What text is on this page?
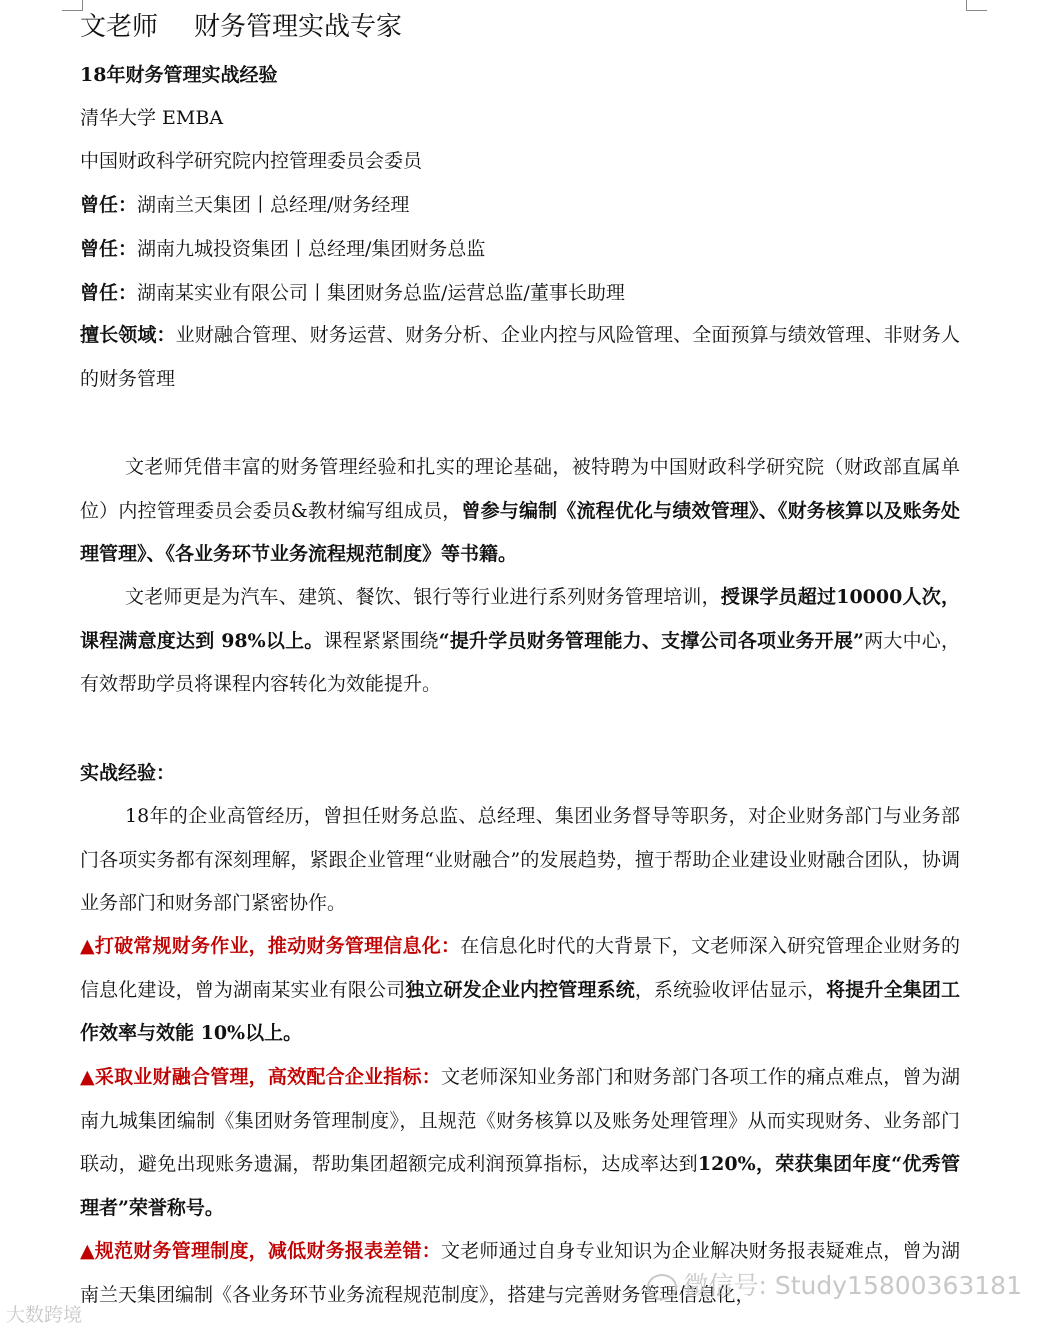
文老师 财务管理实战专家
18年财务管理实战经验
清华大学 EMBA
中国财政科学研究院内控管理委员会委员
曾任：湖南兰天集团丨总经理/财务经理
曾任：湖南九城投资集团丨总经理/集团财务总监
曾任：湖南某实业有限公司丨集团财务总监/运营总监/董事长助理
擅长领域：业财融合管理、财务运营、财务分析、企业内控与风险管理、全面预算与绩效管理、非财务人的财务管理
文老师凭借丰富的财务管理经验和扎实的理论基础，被特聘为中国财政科学研究院（财政部直属单位）内控管理委员会委员&教材编写组成员，曾参与编制《流程优化与绩效管理》、《财务核算以及账务处理管理》、《各业务环节业务流程规范制度》等书籍。
文老师更是为汽车、建筑、餐饮、银行等行业进行系列财务管理培训，授课学员超过10000人次，课程满意度达到 98%以上。课程紧紧围绕“提升学员财务管理能力、支撑公司各项业务开展”两大中心，有效帮助学员将课程内容转化为效能提升。
实战经验：
18年的企业高管经历，曾担任财务总监、总经理、集团业务督导等职务，对企业财务部门与业务部门各项实务都有深刻理解，紧跟企业管理“业财融合”的发展趋势，擅于帮助企业建设业财融合团队，协调业务部门和财务部门紧密协作。
▲打破常规财务作业，推动财务管理信息化：在信息化时代的大背景下，文老师深入研究管理企业财务的信息化建设，曾为湖南某实业有限公司独立研发企业内控管理系统，系统验收评估显示，将提升全集团工作效率与效能 10%以上。
▲采取业财融合管理，高效配合企业指标：文老师深知业务部门和财务部门各项工作的痛点难点，曾为湖南九城集团编制《集团财务管理制度》，且规范《财务核算以及账务处理管理》从而实现财务、业务部门联动，避免出现账务遗漏，帮助集团超额完成利润预算指标，达成率达到120%，荣获集团年度“优秀管理者”荣誉称号。
▲规范财务管理制度，减低财务报表差错：文老师通过自身专业知识为企业解决财务报表疑难点，曾为湖南兰天集团编制《各业务环节业务流程规范制度》，搭建与完善财务管理信息化，
微信号: Study15800363181
大数跨境
